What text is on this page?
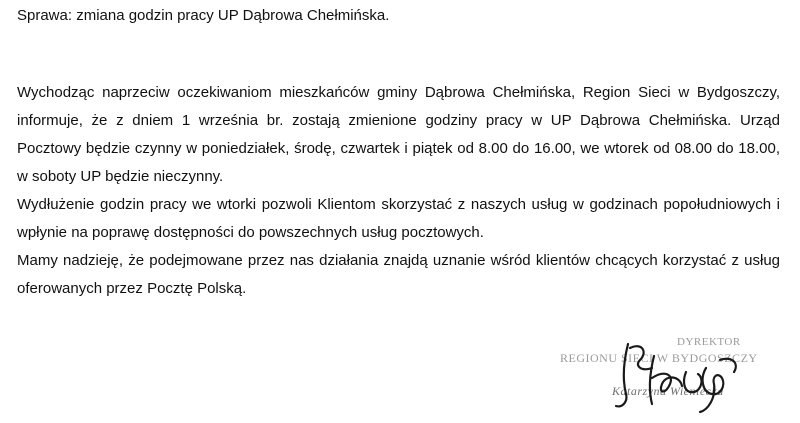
Sprawa: zmiana godzin pracy UP Dąbrowa Chełmińska.

Wychodząc naprzeciw oczekiwaniom mieszkańców gminy Dąbrowa Chełmińska, Region Sieci w Bydgoszczy, informuje, że z dniem 1 września br. zostają zmienione godziny pracy w UP Dąbrowa Chełmińska. Urząd Pocztowy będzie czynny w poniedziałek, środę, czwartek i piątek od 8.00 do 16.00, we wtorek od 08.00 do 18.00, w soboty UP będzie nieczynny.

Wydłużenie godzin pracy we wtorki pozwoli Klientom skorzystać z naszych usług w godzinach popołudniowych i wpłynie na poprawę dostępności do powszechnych usług pocztowych.

Mamy nadzieję, że podejmowane przez nas działania znajdą uznanie wśród klientów chcących korzystać z usług oferowanych przez Pocztę Polską.

DYREKTOR
REGIONU SIECI W BYDGOSZCZY
Katarzyna Wieniecka
